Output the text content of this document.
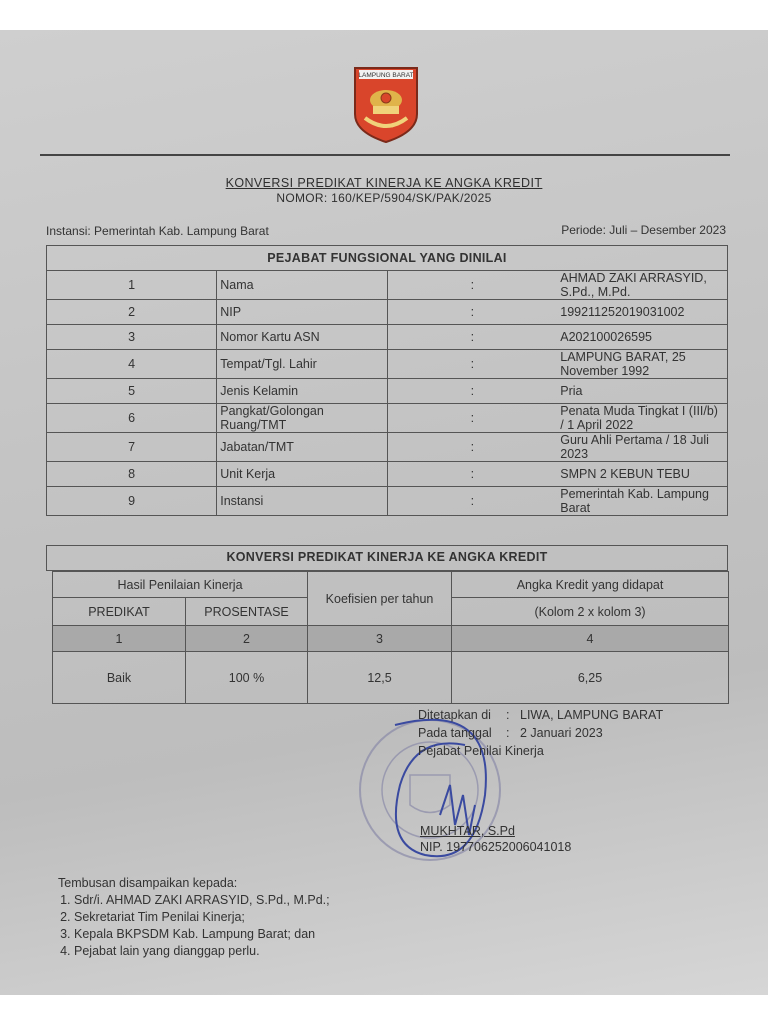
LAMPUNG BARAT
KONVERSI PREDIKAT KINERJA KE ANGKA KREDIT
NOMOR: 160/KEP/5904/SK/PAK/2025
Instansi: Pemerintah Kab. Lampung Barat	Periode: Juli – Desember 2023
PEJABAT FUNGSIONAL YANG DINILAI			
1	Nama	:	AHMAD ZAKI ARRASYID, S.Pd., M.Pd.
2	NIP	:	199211252019031002
3	Nomor Kartu ASN	:	A202100026595
4	Tempat/Tgl. Lahir	:	LAMPUNG BARAT, 25 November 1992
5	Jenis Kelamin	:	Pria
6	Pangkat/Golongan Ruang/TMT	:	Penata Muda Tingkat I (III/b) / 1 April 2022
7	Jabatan/TMT	:	Guru Ahli Pertama / 18 Juli 2023
8	Unit Kerja	:	SMPN 2 KEBUN TEBU
9	Instansi	:	Pemerintah Kab. Lampung Barat
KONVERSI PREDIKAT KINERJA KE ANGKA KREDIT
Hasil Penilaian Kinerja		Koefisien per tahun	Angka Kredit yang didapat
PREDIKAT	PROSENTASE		(Kolom 2 x kolom 3)
1	2	3	4
Baik	100 %	12,5	6,25
Ditetapkan di : LIWA, LAMPUNG BARAT
Pada tanggal : 2 Januari 2023
Pejabat Penilai Kinerja
MUKHTAR, S.Pd
NIP. 197706252006041018
Tembusan disampaikan kepada:
1. Sdr/i. AHMAD ZAKI ARRASYID, S.Pd., M.Pd.;
2. Sekretariat Tim Penilai Kinerja;
3. Kepala BKPSDM Kab. Lampung Barat; dan
4. Pejabat lain yang dianggap perlu.
